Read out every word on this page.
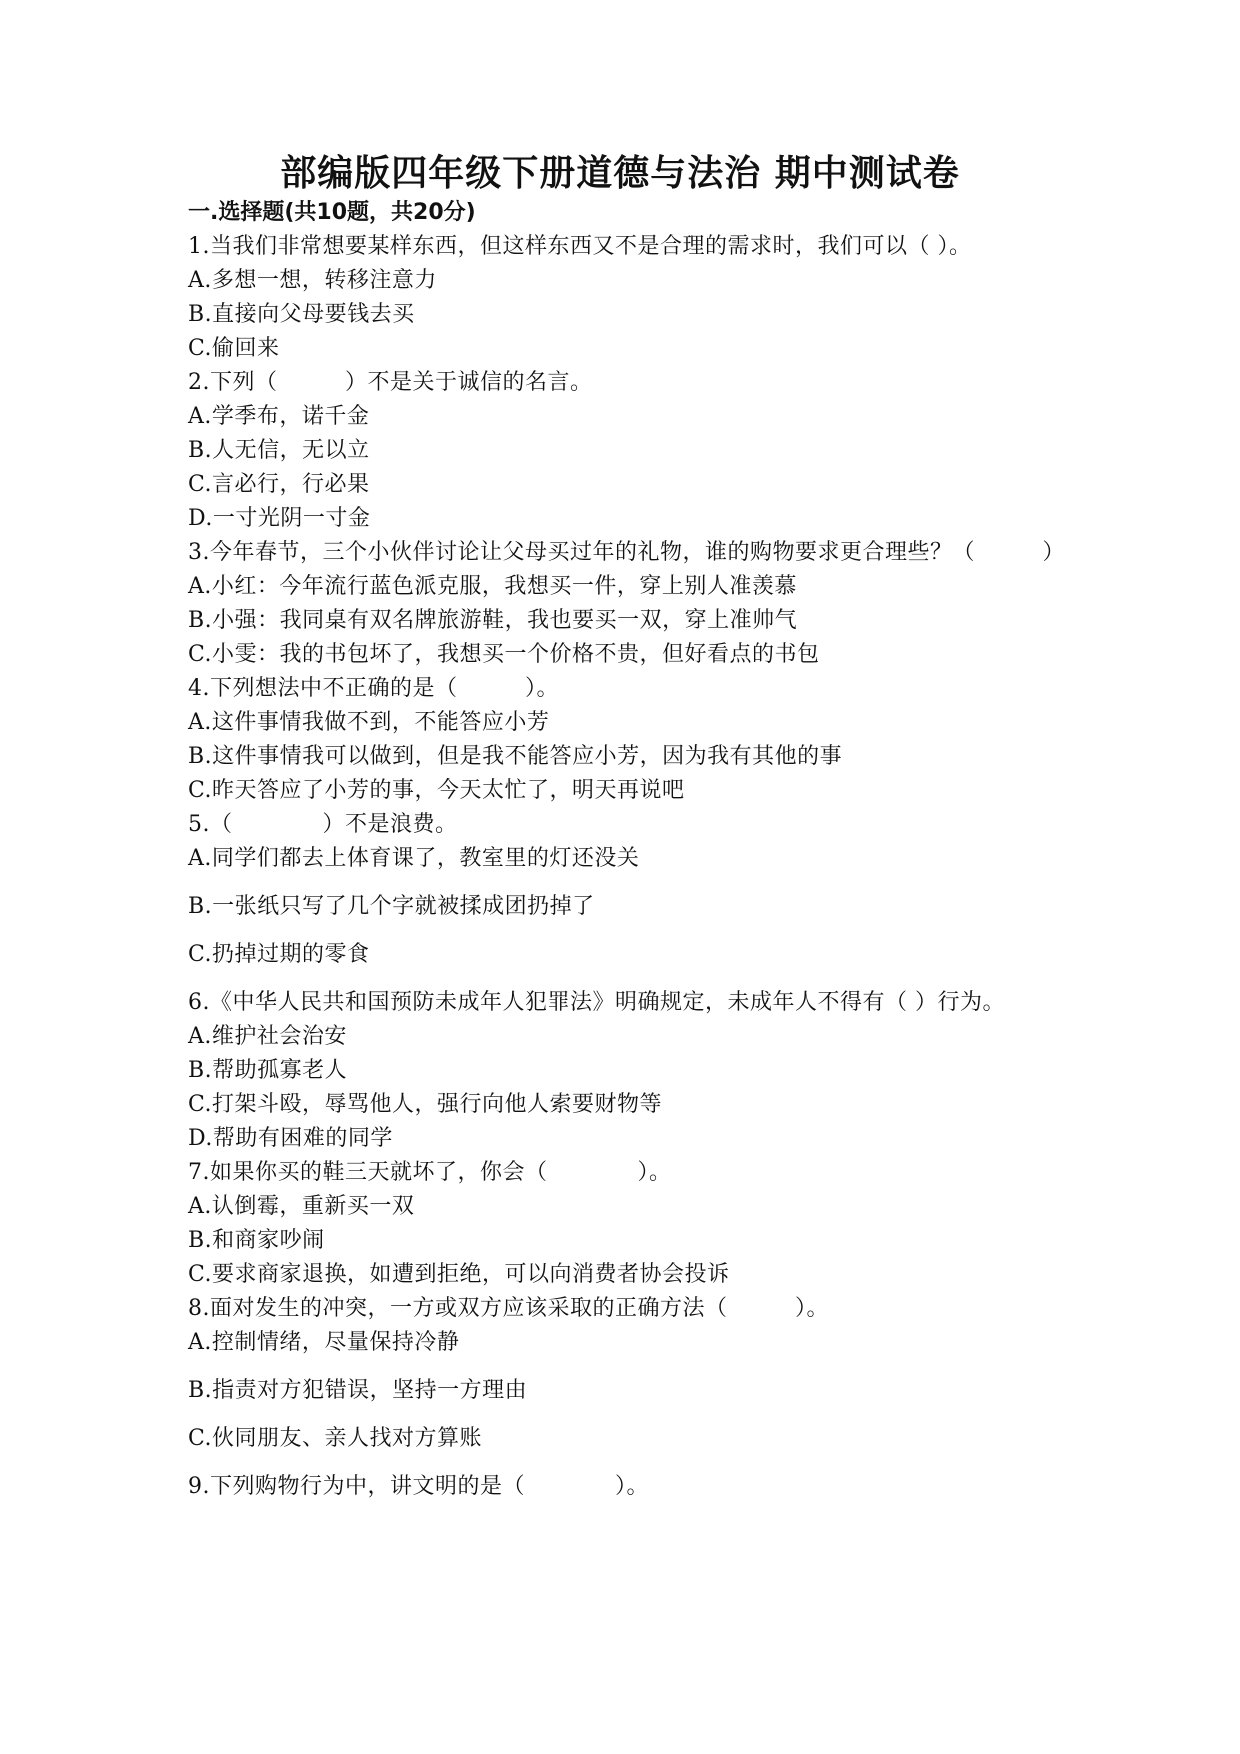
部编版四年级下册道德与法治 期中测试卷
一.选择题(共10题，共20分)

1.当我们非常想要某样东西，但这样东西又不是合理的需求时，我们可以（ ）。

A.多想一想，转移注意力

B.直接向父母要钱去买

C.偷回来

2.下列（　　　）不是关于诚信的名言。

A.学季布，诺千金

B.人无信，无以立

C.言必行，行必果

D.一寸光阴一寸金

3.今年春节，三个小伙伴讨论让父母买过年的礼物，谁的购物要求更合理些？（　　　）

A.小红：今年流行蓝色派克服，我想买一件，穿上别人准羡慕

B.小强：我同桌有双名牌旅游鞋，我也要买一双，穿上准帅气

C.小雯：我的书包坏了，我想买一个价格不贵，但好看点的书包

4.下列想法中不正确的是（　　　）。

A.这件事情我做不到，不能答应小芳

B.这件事情我可以做到，但是我不能答应小芳，因为我有其他的事

C.昨天答应了小芳的事，今天太忙了，明天再说吧

5.（　　　　）不是浪费。

A.同学们都去上体育课了，教室里的灯还没关

B.一张纸只写了几个字就被揉成团扔掉了

C.扔掉过期的零食

6.《中华人民共和国预防未成年人犯罪法》明确规定，未成年人不得有（ ）行为。

A.维护社会治安

B.帮助孤寡老人

C.打架斗殴，辱骂他人，强行向他人索要财物等

D.帮助有困难的同学

7.如果你买的鞋三天就坏了，你会（　　　　）。

A.认倒霉，重新买一双

B.和商家吵闹

C.要求商家退换，如遭到拒绝，可以向消费者协会投诉

8.面对发生的冲突，一方或双方应该采取的正确方法（　　　）。

A.控制情绪，尽量保持冷静

B.指责对方犯错误，坚持一方理由

C.伙同朋友、亲人找对方算账

9.下列购物行为中，讲文明的是（　　　　）。
